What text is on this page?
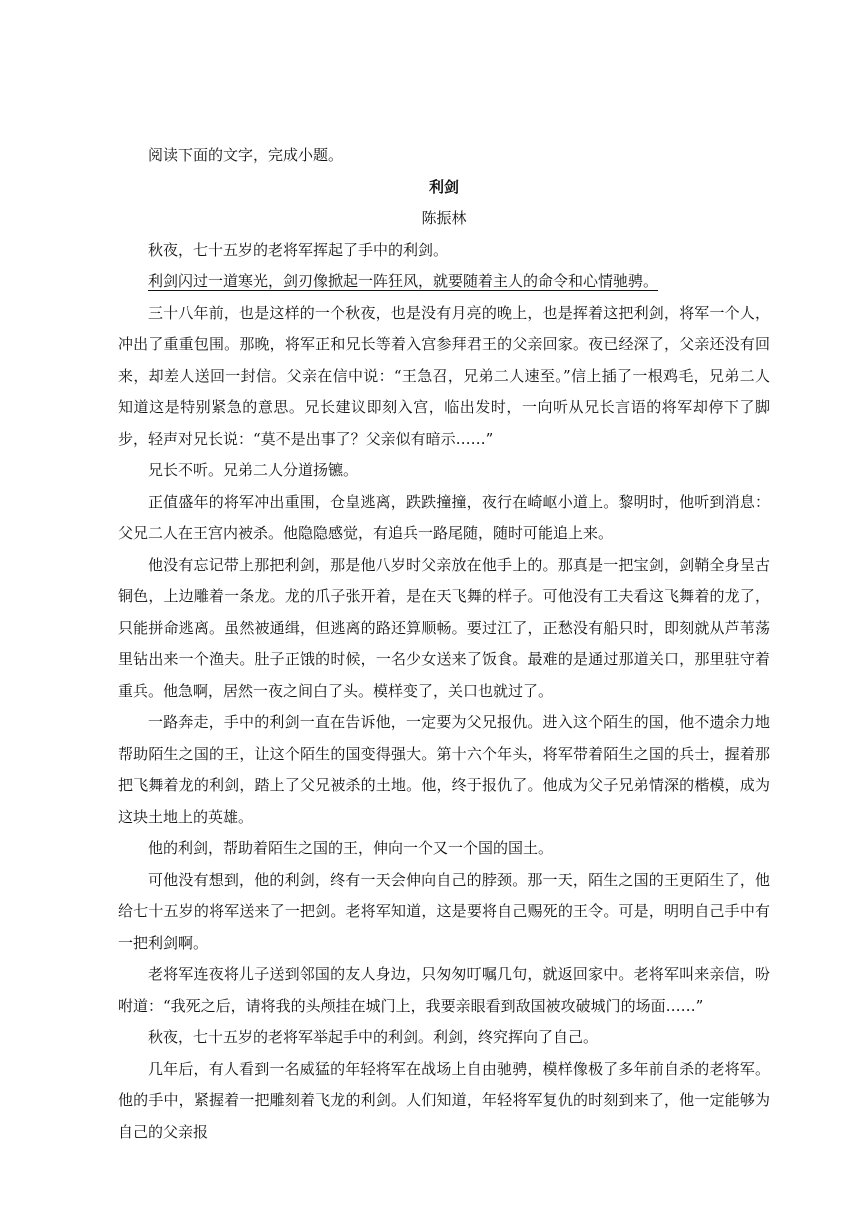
阅读下面的文字，完成小题。

利剑

陈振林

秋夜，七十五岁的老将军挥起了手中的利剑。

利剑闪过一道寒光，剑刃像掀起一阵狂风，就要随着主人的命令和心情驰骋。

三十八年前，也是这样的一个秋夜，也是没有月亮的晚上，也是挥着这把利剑，将军一个人，冲出了重重包围。那晚，将军正和兄长等着入宫参拜君王的父亲回家。夜已经深了，父亲还没有回来，却差人送回一封信。父亲在信中说：“王急召，兄弟二人速至。”信上插了一根鸡毛，兄弟二人知道这是特别紧急的意思。兄长建议即刻入宫，临出发时，一向听从兄长言语的将军却停下了脚步，轻声对兄长说：“莫不是出事了？父亲似有暗示……”

兄长不听。兄弟二人分道扬镳。

正值盛年的将军冲出重围，仓皇逃离，跌跌撞撞，夜行在崎岖小道上。黎明时，他听到消息：父兄二人在王宫内被杀。他隐隐感觉，有追兵一路尾随，随时可能追上来。

他没有忘记带上那把利剑，那是他八岁时父亲放在他手上的。那真是一把宝剑，剑鞘全身呈古铜色，上边雕着一条龙。龙的爪子张开着，是在天飞舞的样子。可他没有工夫看这飞舞着的龙了，只能拼命逃离。虽然被通缉，但逃离的路还算顺畅。要过江了，正愁没有船只时，即刻就从芦苇荡里钻出来一个渔夫。肚子正饿的时候，一名少女送来了饭食。最难的是通过那道关口，那里驻守着重兵。他急啊，居然一夜之间白了头。模样变了，关口也就过了。

一路奔走，手中的利剑一直在告诉他，一定要为父兄报仇。进入这个陌生的国，他不遗余力地帮助陌生之国的王，让这个陌生的国变得强大。第十六个年头，将军带着陌生之国的兵士，握着那把飞舞着龙的利剑，踏上了父兄被杀的土地。他，终于报仇了。他成为父子兄弟情深的楷模，成为这块土地上的英雄。

他的利剑，帮助着陌生之国的王，伸向一个又一个国的国土。

可他没有想到，他的利剑，终有一天会伸向自己的脖颈。那一天，陌生之国的王更陌生了，他给七十五岁的将军送来了一把剑。老将军知道，这是要将自己赐死的王令。可是，明明自己手中有一把利剑啊。

老将军连夜将儿子送到邻国的友人身边，只匆匆叮嘱几句，就返回家中。老将军叫来亲信，吩咐道：“我死之后，请将我的头颅挂在城门上，我要亲眼看到敌国被攻破城门的场面……”

秋夜，七十五岁的老将军举起手中的利剑。利剑，终究挥向了自己。

几年后，有人看到一名威猛的年轻将军在战场上自由驰骋，模样像极了多年前自杀的老将军。他的手中，紧握着一把雕刻着飞龙的利剑。人们知道，年轻将军复仇的时刻到来了，他一定能够为自己的父亲报
